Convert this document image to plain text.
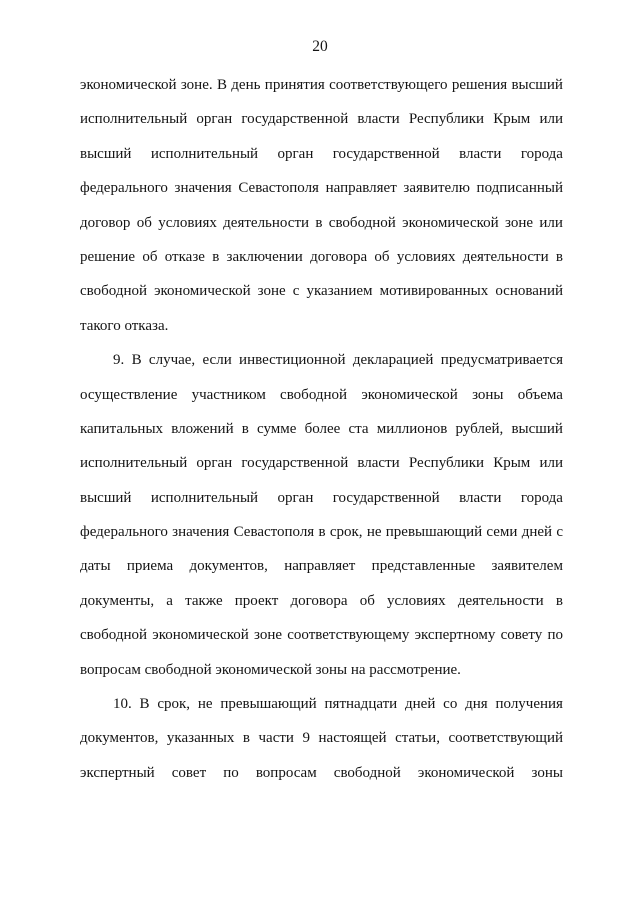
20
экономической зоне. В день принятия соответствующего решения высший
исполнительный орган государственной власти Республики Крым или
высший исполнительный орган государственной власти города
федерального значения Севастополя направляет заявителю подписанный
договор об условиях деятельности в свободной экономической зоне или
решение об отказе в заключении договора об условиях деятельности в
свободной экономической зоне с указанием мотивированных оснований
такого отказа.
9. В случае, если инвестиционной декларацией предусматривается
осуществление участником свободной экономической зоны объема
капитальных вложений в сумме более ста миллионов рублей, высший
исполнительный орган государственной власти Республики Крым или
высший исполнительный орган государственной власти города
федерального значения Севастополя в срок, не превышающий семи дней с
даты приема документов, направляет представленные заявителем
документы, а также проект договора об условиях деятельности в
свободной экономической зоне соответствующему экспертному совету по
вопросам свободной экономической зоны на рассмотрение.
10. В срок, не превышающий пятнадцати дней со дня получения
документов, указанных в части 9 настоящей статьи, соответствующий
экспертный совет по вопросам свободной экономической зоны
